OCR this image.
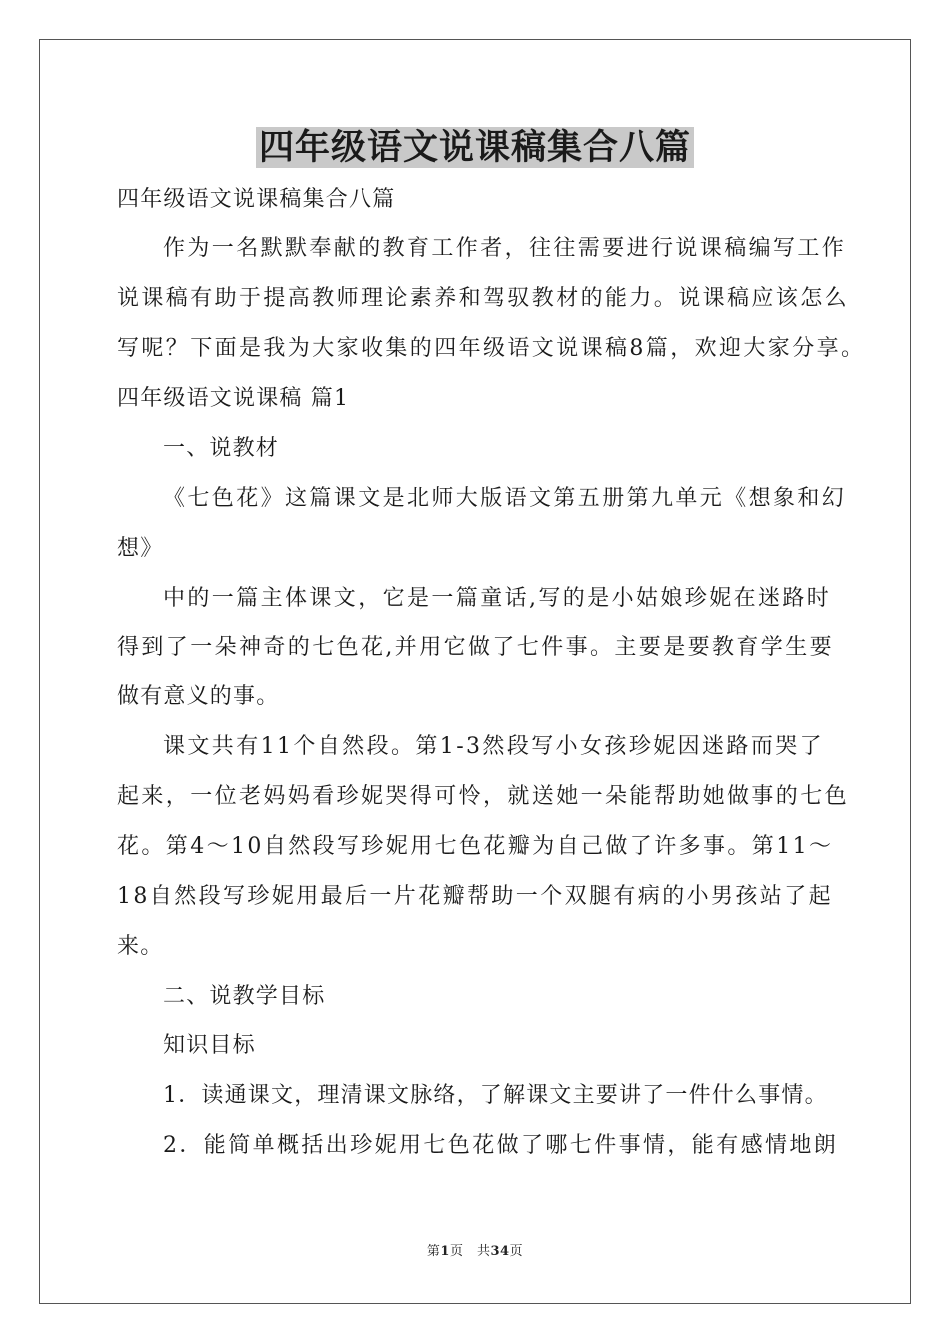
四年级语文说课稿集合八篇
四年级语文说课稿集合八篇
作为一名默默奉献的教育工作者，往往需要进行说课稿编写工作
说课稿有助于提高教师理论素养和驾驭教材的能力。说课稿应该怎么
写呢？下面是我为大家收集的四年级语文说课稿8篇，欢迎大家分享。
四年级语文说课稿 篇1
一、说教材
《七色花》这篇课文是北师大版语文第五册第九单元《想象和幻
想》
中的一篇主体课文，它是一篇童话,写的是小姑娘珍妮在迷路时
得到了一朵神奇的七色花,并用它做了七件事。主要是要教育学生要
做有意义的事。
课文共有11个自然段。第1-3然段写小女孩珍妮因迷路而哭了
起来，一位老妈妈看珍妮哭得可怜，就送她一朵能帮助她做事的七色
花。第4～10自然段写珍妮用七色花瓣为自己做了许多事。第11～
18自然段写珍妮用最后一片花瓣帮助一个双腿有病的小男孩站了起
来。
二、说教学目标
知识目标
1．读通课文，理清课文脉络，了解课文主要讲了一件什么事情。
2．能简单概括出珍妮用七色花做了哪七件事情，能有感情地朗
第1页　共34页
